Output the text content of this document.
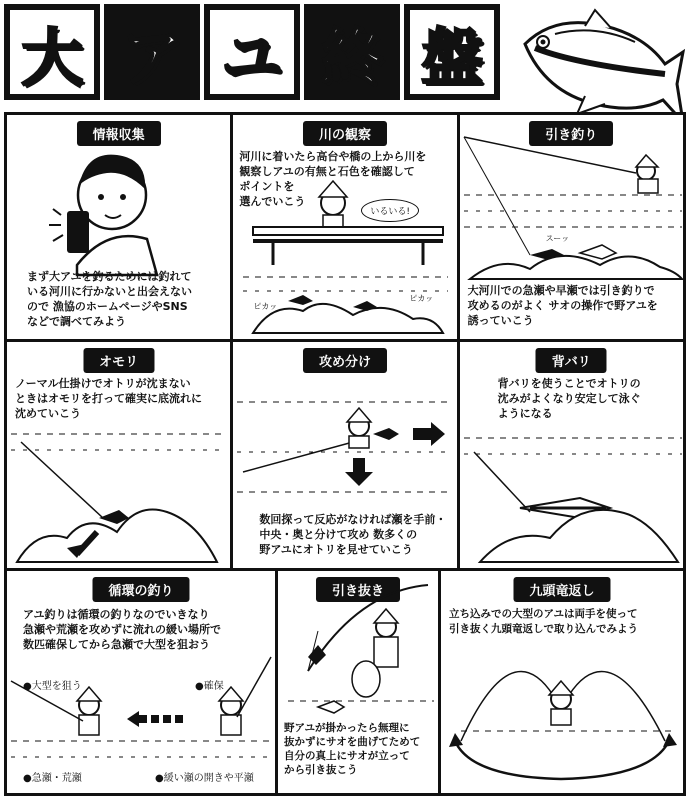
大 ア ユ 終 盤
情報収集
まず大アユを釣るためには釣れて
いる河川に行かないと出会えない
ので 漁協のホームページやSNS
などで調べてみよう
川の観察
河川に着いたら高台や橋の上から川を
観察しアユの有無と石色を確認して
ポイントを
選んでいこう
いるいる!
ピカッ
ピカッ
引き釣り
スーッ
大河川での急瀬や早瀬では引き釣りで
攻めるのがよく サオの操作で野アユを
誘っていこう
オモリ
ノーマル仕掛けでオトリが沈まない
ときはオモリを打って確実に底流れに
沈めていこう
攻め分け
数回探って反応がなければ瀬を手前・
中央・奥と分けて攻め 数多くの
野アユにオトリを見せていこう
背バリ
背バリを使うことでオトリの
沈みがよくなり安定して泳ぐ
ようになる
循環の釣り
アユ釣りは循環の釣りなのでいきなり
急瀬や荒瀬を攻めずに流れの緩い場所で
数匹確保してから急瀬で大型を狙おう
●大型を狙う	●確保
●急瀬・荒瀬	●緩い瀬の開きや平瀬
引き抜き
野アユが掛かったら無理に
抜かずにサオを曲げてためて
自分の真上にサオが立って
から引き抜こう
九頭竜返し
立ち込みでの大型のアユは両手を使って
引き抜く九頭竜返しで取り込んでみよう
